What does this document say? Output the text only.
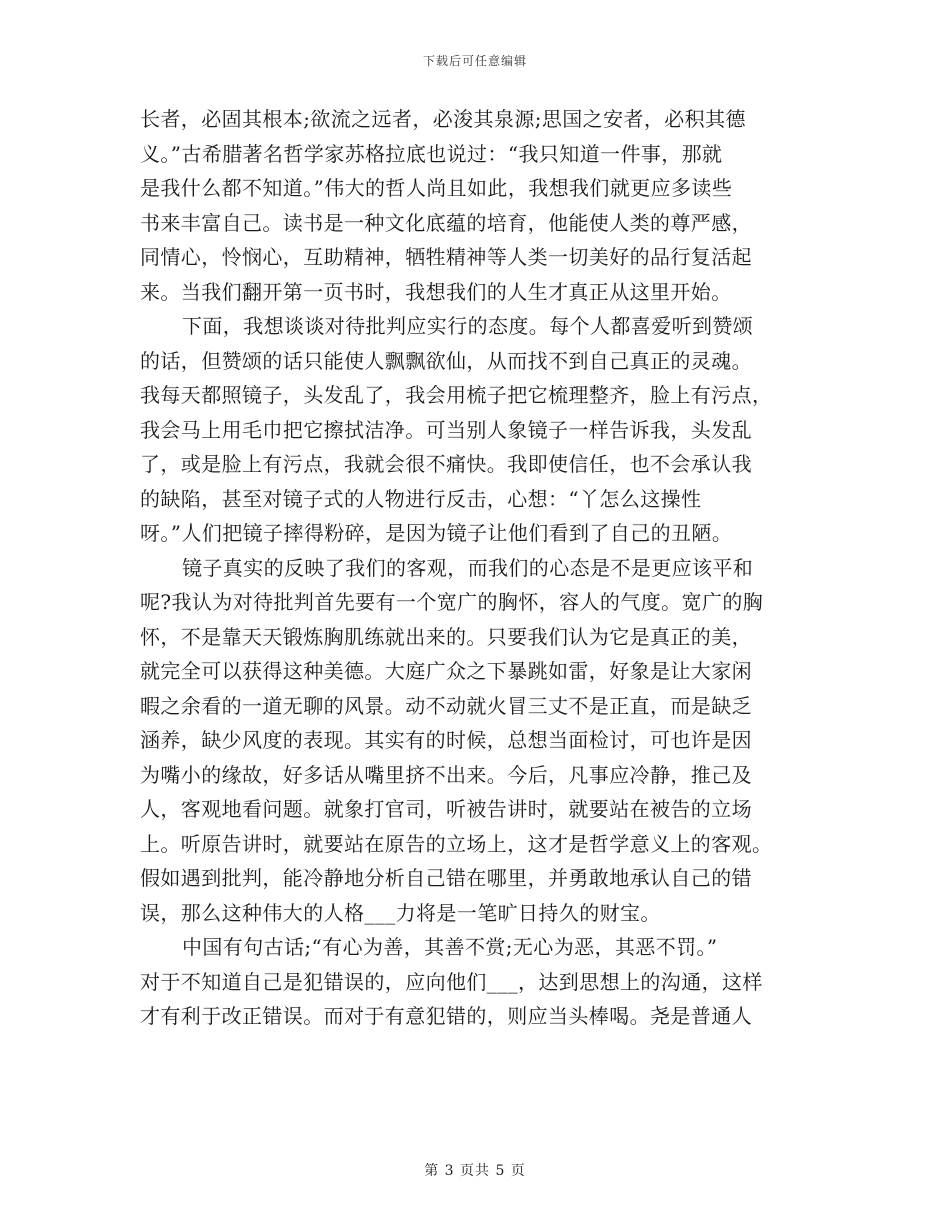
下载后可任意编辑
长者，必固其根本;欲流之远者，必浚其泉源;思国之安者，必积其德
义。”古希腊著名哲学家苏格拉底也说过：“我只知道一件事，那就
是我什么都不知道。”伟大的哲人尚且如此，我想我们就更应多读些
书来丰富自己。读书是一种文化底蕴的培育，他能使人类的尊严感，
同情心，怜悯心，互助精神，牺牲精神等人类一切美好的品行复活起
来。当我们翻开第一页书时，我想我们的人生才真正从这里开始。
下面，我想谈谈对待批判应实行的态度。每个人都喜爱听到赞颂
的话，但赞颂的话只能使人飘飘欲仙，从而找不到自己真正的灵魂。
我每天都照镜子，头发乱了，我会用梳子把它梳理整齐，脸上有污点，
我会马上用毛巾把它擦拭洁净。可当别人象镜子一样告诉我，头发乱
了，或是脸上有污点，我就会很不痛快。我即使信任，也不会承认我
的缺陷，甚至对镜子式的人物进行反击，心想：“丫怎么这操性
呀。”人们把镜子摔得粉碎，是因为镜子让他们看到了自己的丑陋。
镜子真实的反映了我们的客观，而我们的心态是不是更应该平和
呢?我认为对待批判首先要有一个宽广的胸怀，容人的气度。宽广的胸
怀，不是靠天天锻炼胸肌练就出来的。只要我们认为它是真正的美，
就完全可以获得这种美德。大庭广众之下暴跳如雷，好象是让大家闲
暇之余看的一道无聊的风景。动不动就火冒三丈不是正直，而是缺乏
涵养，缺少风度的表现。其实有的时候，总想当面检讨，可也许是因
为嘴小的缘故，好多话从嘴里挤不出来。今后，凡事应冷静，推己及
人，客观地看问题。就象打官司，听被告讲时，就要站在被告的立场
上。听原告讲时，就要站在原告的立场上，这才是哲学意义上的客观。
假如遇到批判，能冷静地分析自己错在哪里，并勇敢地承认自己的错
误，那么这种伟大的人格___力将是一笔旷日持久的财宝。
中国有句古话;“有心为善，其善不赏;无心为恶，其恶不罚。”
对于不知道自己是犯错误的，应向他们___，达到思想上的沟通，这样
才有利于改正错误。而对于有意犯错的，则应当头棒喝。尧是普通人
第 3 页共 5 页
